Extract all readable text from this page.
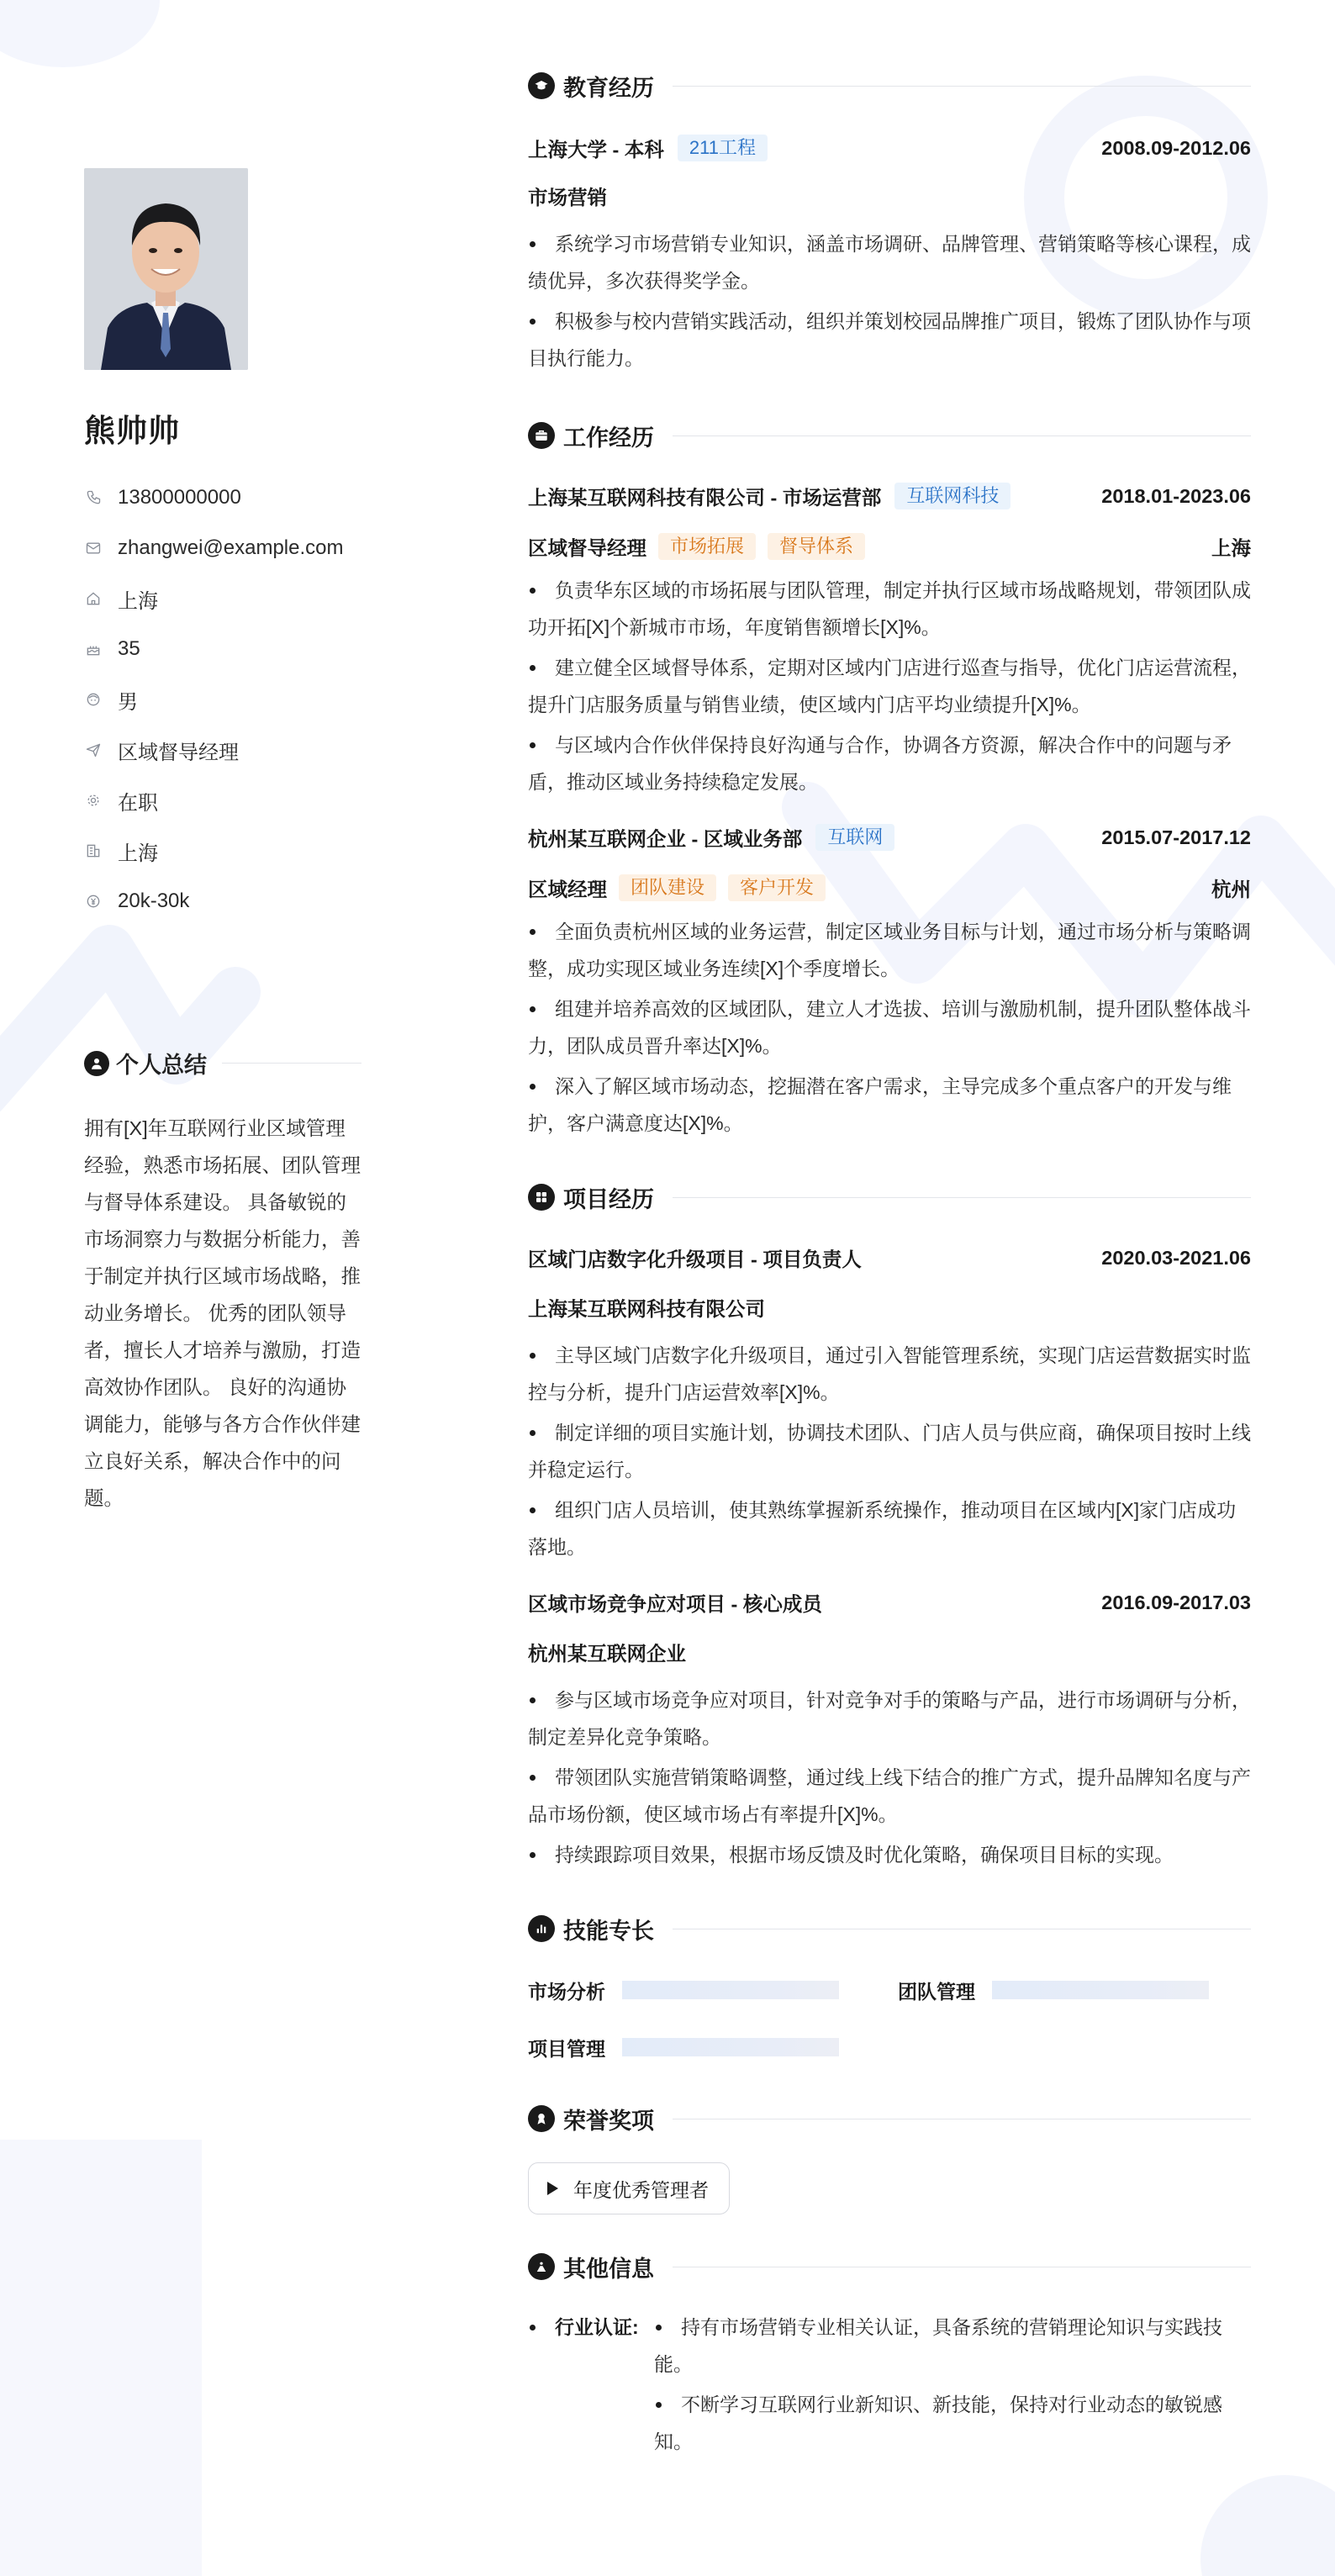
熊帅帅
13800000000
zhangwei@example.com
上海
35
男
区域督导经理
在职
上海
20k-30k
个人总结
拥有[X]年互联网行业区域管理经验，熟悉市场拓展、团队管理与督导体系建设。 具备敏锐的市场洞察力与数据分析能力，善于制定并执行区域市场战略，推动业务增长。 优秀的团队领导者，擅长人才培养与激励，打造高效协作团队。 良好的沟通协调能力，能够与各方合作伙伴建立良好关系，解决合作中的问题。
教育经历
上海大学 - 本科	211工程	2008.09-2012.06
市场营销
系统学习市场营销专业知识，涵盖市场调研、品牌管理、营销策略等核心课程，成绩优异，多次获得奖学金。
积极参与校内营销实践活动，组织并策划校园品牌推广项目，锻炼了团队协作与项目执行能力。
工作经历
上海某互联网科技有限公司 - 市场运营部	互联网科技	2018.01-2023.06
区域督导经理	市场拓展	督导体系	上海
负责华东区域的市场拓展与团队管理，制定并执行区域市场战略规划，带领团队成功开拓[X]个新城市市场，年度销售额增长[X]%。
建立健全区域督导体系，定期对区域内门店进行巡查与指导，优化门店运营流程，提升门店服务质量与销售业绩，使区域内门店平均业绩提升[X]%。
与区域内合作伙伴保持良好沟通与合作，协调各方资源，解决合作中的问题与矛盾，推动区域业务持续稳定发展。
杭州某互联网企业 - 区域业务部	互联网	2015.07-2017.12
区域经理	团队建设	客户开发	杭州
全面负责杭州区域的业务运营，制定区域业务目标与计划，通过市场分析与策略调整，成功实现区域业务连续[X]个季度增长。
组建并培养高效的区域团队，建立人才选拔、培训与激励机制，提升团队整体战斗力，团队成员晋升率达[X]%。
深入了解区域市场动态，挖掘潜在客户需求，主导完成多个重点客户的开发与维护，客户满意度达[X]%。
项目经历
区域门店数字化升级项目 - 项目负责人	2020.03-2021.06
上海某互联网科技有限公司
主导区域门店数字化升级项目，通过引入智能管理系统，实现门店运营数据实时监控与分析，提升门店运营效率[X]%。
制定详细的项目实施计划，协调技术团队、门店人员与供应商，确保项目按时上线并稳定运行。
组织门店人员培训，使其熟练掌握新系统操作，推动项目在区域内[X]家门店成功落地。
区域市场竞争应对项目 - 核心成员	2016.09-2017.03
杭州某互联网企业
参与区域市场竞争应对项目，针对竞争对手的策略与产品，进行市场调研与分析，制定差异化竞争策略。
带领团队实施营销策略调整，通过线上线下结合的推广方式，提升品牌知名度与产品市场份额，使区域市场占有率提升[X]%。
持续跟踪项目效果，根据市场反馈及时优化策略，确保项目目标的实现。
技能专长
市场分析	团队管理
项目管理
荣誉奖项
年度优秀管理者
其他信息
行业认证:	持有市场营销专业相关认证，具备系统的营销理论知识与实践技能。
不断学习互联网行业新知识、新技能，保持对行业动态的敏锐感知。
